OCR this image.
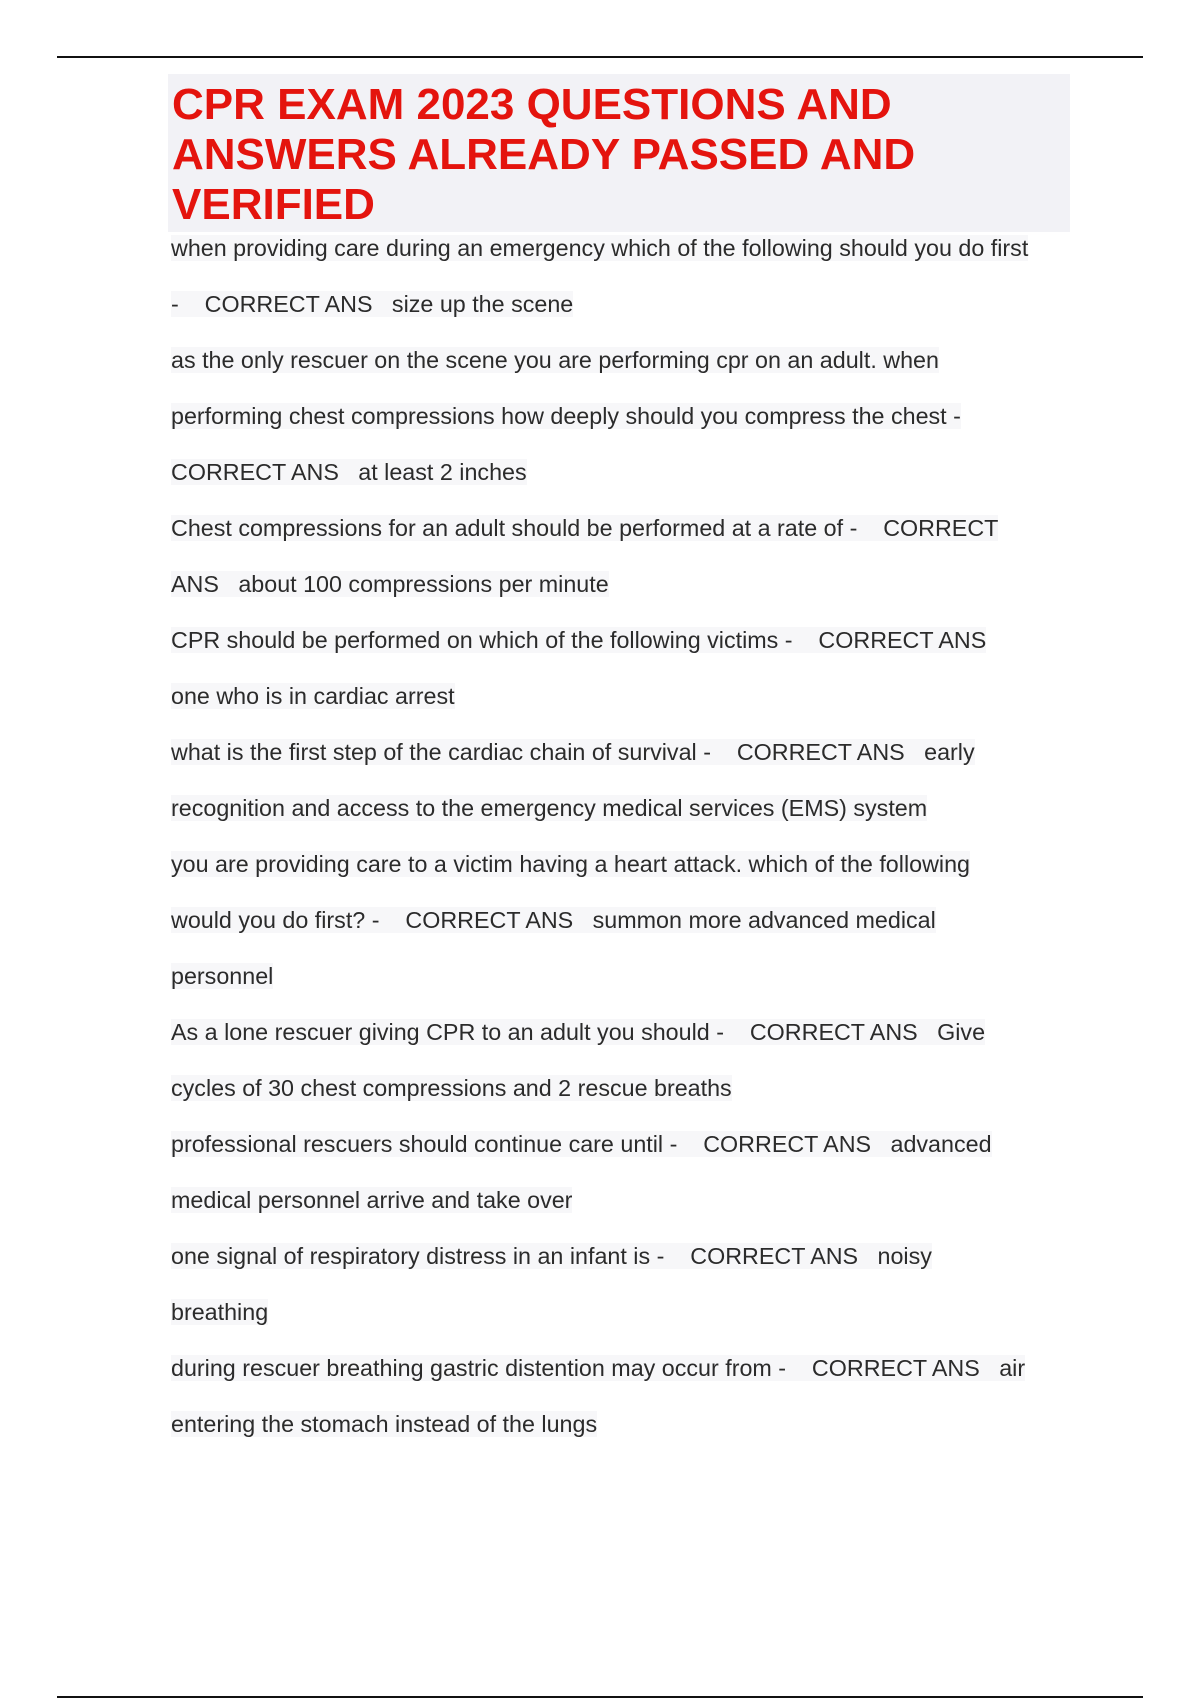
CPR EXAM 2023 QUESTIONS AND ANSWERS ALREADY PASSED AND VERIFIED
when providing care during an emergency which of the following should you do first
-    CORRECT ANS   size up the scene
as the only rescuer on the scene you are performing cpr on an adult. when
performing chest compressions how deeply should you compress the chest -
CORRECT ANS   at least 2 inches
Chest compressions for an adult should be performed at a rate of -    CORRECT
ANS   about 100 compressions per minute
CPR should be performed on which of the following victims -    CORRECT ANS
one who is in cardiac arrest
what is the first step of the cardiac chain of survival -    CORRECT ANS   early
recognition and access to the emergency medical services (EMS) system
you are providing care to a victim having a heart attack. which of the following
would you do first? -    CORRECT ANS   summon more advanced medical
personnel
As a lone rescuer giving CPR to an adult you should -    CORRECT ANS   Give
cycles of 30 chest compressions and 2 rescue breaths
professional rescuers should continue care until -    CORRECT ANS   advanced
medical personnel arrive and take over
one signal of respiratory distress in an infant is -    CORRECT ANS   noisy
breathing
during rescuer breathing gastric distention may occur from -    CORRECT ANS   air
entering the stomach instead of the lungs
